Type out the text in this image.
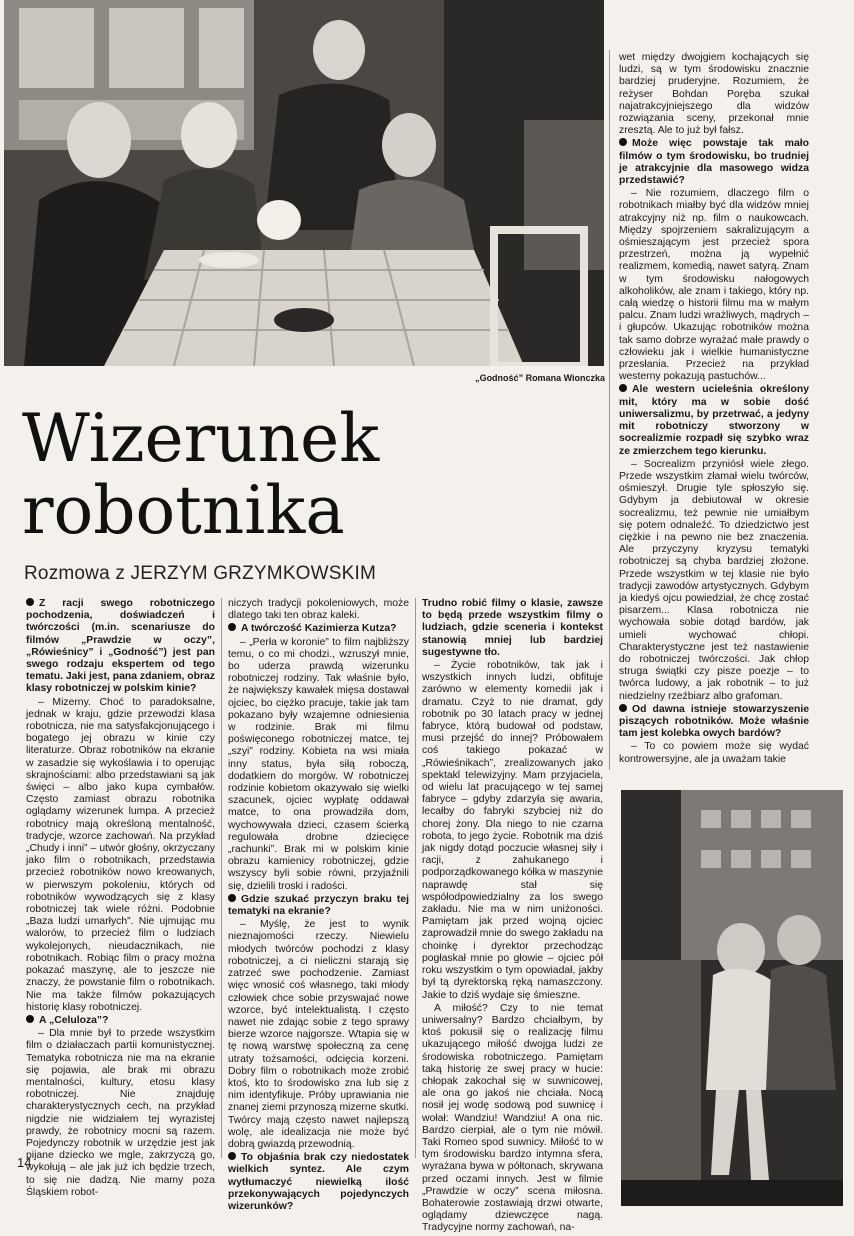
„Godność” Romana Wionczka
Wizerunek
robotnika
Rozmowa z JERZYM GRZYMKOWSKIM

Z racji swego robotniczego pochodzenia, doświadczeń i twórczości (m.in. scenariusze do filmów „Prawdzie w oczy”, „Rówieśnicy” i „Godność”) jest pan swego rodzaju ekspertem od tego tematu. Jaki jest, pana zdaniem, obraz klasy robotniczej w polskim kinie?

– Mizerny. Choć to paradoksalne, jednak w kraju, gdzie przewodzi klasa robotnicza, nie ma satysfakcjonującego i bogatego jej obrazu w kinie czy literaturze. Obraz robotników na ekranie w zasadzie się wykoślawia i to operując skrajnościami: albo przedstawiani są jak święci – albo jako kupa cymbałów. Często zamiast obrazu robotnika oglądamy wizerunek lumpa. A przecież robotnicy mają określoną mentalność, tradycje, wzorce zachowań. Na przykład „Chudy i inni” – utwór głośny, okrzyczany jako film o robotnikach, przedstawia przecież robotników nowo kreowanych, w pierwszym pokoleniu, których od robotników wywodzących się z klasy robotniczej tak wiele różni. Podobnie „Baza ludzi umarłych”. Nie ujmując mu walorów, to przecież film o ludziach wykolejonych, nieudacznikach, nie robotnikach. Robiąc film o pracy można pokazać maszynę, ale to jeszcze nie znaczy, że powstanie film o robotnikach. Nie ma także filmów pokazujących historię klasy robotniczej.

A „Celuloza”?

– Dla mnie był to przede wszystkim film o działaczach partii komunistycznej. Tematyka robotnicza nie ma na ekranie się pojawia, ale brak mi obrazu mentalności, kultury, etosu klasy robotniczej. Nie znajduję charakterystycznych cech, na przykład nigdzie nie widziałem tej wyrazistej prawdy, że robotnicy mocni są razem. Pojedynczy robotnik w urzędzie jest jak pijane dziecko we mgle, zakrzyczą go, wykołują – ale jak już ich będzie trzech, to się nie dadzą. Nie mamy poza Śląskiem robot-

niczych tradycji pokoleniowych, może dlatego taki ten obraz kaleki.

A twórczość Kazimierza Kutza?

– „Perła w koronie” to film najbliższy temu, o co mi chodzi., wzruszył mnie, bo uderza prawdą wizerunku robotniczej rodziny. Tak właśnie było, że największy kawałek mięsa dostawał ojciec, bo ciężko pracuje, takie jak tam pokazano były wzajemne odniesienia w rodzinie. Brak mi filmu poświęconego robotniczej matce, tej „szyi” rodziny. Kobieta na wsi miała inny status, była siłą roboczą, dodatkiem do morgów. W robotniczej rodzinie kobietom okazywało się wielki szacunek, ojciec wypłatę oddawał matce, to ona prowadziła dom, wychowywała dzieci, czasem ścierką regulowała drobne dziecięce „rachunki”. Brak mi w polskim kinie obrazu kamienicy robotniczej, gdzie wszyscy byli sobie równi, przyjaźnili się, dzielili troski i radości.

Gdzie szukać przyczyn braku tej tematyki na ekranie?

– Myślę, że jest to wynik nieznajomości rzeczy. Niewielu młodych twórców pochodzi z klasy robotniczej, a ci nieliczni starają się zatrzeć swe pochodzenie. Zamiast więc wnosić coś własnego, taki młody człowiek chce sobie przyswajać nowe wzorce, być intelektualistą. I często nawet nie zdając sobie z tego sprawy bierze wzorce najgorsze. Wtapia się w tę nową warstwę społeczną za cenę utraty tożsamości, odcięcia korzeni. Dobry film o robotnikach może zrobić ktoś, kto to środowisko zna lub się z nim identyfikuje. Próby uprawiania nie znanej ziemi przynoszą mizerne skutki. Twórcy mają często nawet najlepszą wolę, ale idealizacja nie może być dobrą gwiazdą przewodnią.

To objaśnia brak czy niedostatek wielkich syntez. Ale czym wytłumaczyć niewielką ilość przekonywających pojedynczych wizerunków?

Trudno robić filmy o klasie, zawsze to będą przede wszystkim filmy o ludziach, gdzie sceneria i kontekst stanowią mniej lub bardziej sugestywne tło.

– Życie robotników, tak jak i wszystkich innych ludzi, obfituje zarówno w elementy komedii jak i dramatu. Czyż to nie dramat, gdy robotnik po 30 latach pracy w jednej fabryce, którą budował od podstaw, musi przejść do innej? Próbowałem coś takiego pokazać w „Rówieśnikach”, zrealizowanych jako spektakl telewizyjny. Mam przyjaciela, od wielu lat pracującego w tej samej fabryce – gdyby zdarzyła się awaria, lecałby do fabryki szybciej niż do chorej żony. Dla niego to nie czarna robota, to jego życie. Robotnik ma dziś jak nigdy dotąd poczucie własnej siły i racji, z zahukanego i podporządkowanego kółka w maszynie naprawdę stał się współodpowiedzialny za los swego zakładu. Nie ma w nim uniżoności. Pamiętam jak przed wojną ojciec zaprowadził mnie do swego zakładu na choinkę i dyrektor przechodząc pogłaskał mnie po głowie – ojciec pół roku wszystkim o tym opowiadał, jakby był tą dyrektorską ręką namaszczony. Jakie to dziś wydaje się śmieszne.

A miłość? Czy to nie temat uniwersalny? Bardzo chciałbym, by ktoś pokusił się o realizację filmu ukazującego miłość dwojga ludzi ze środowiska robotniczego. Pamiętam taką historię ze swej pracy w hucie: chłopak zakochał się w suwnicowej, ale ona go jakoś nie chciała. Nocą nosił jej wodę sodową pod suwnicę i wołał: Wandziu! Wandziu! A ona nic. Bardzo cierpiał, ale o tym nie mówił. Taki Romeo spod suwnicy. Miłość to w tym środowisku bardzo intymna sfera, wyrażana bywa w półtonach, skrywana przed oczami innych. Jest w filmie „Prawdzie w oczy” scena miłosna. Bohaterowie zostawiają drzwi otwarte, oglądamy dziewczęce nagą. Tradycyjne normy zachowań, na-

wet między dwojgiem kochających się ludzi, są w tym środowisku znacznie bardziej pruderyjne. Rozumiem, że reżyser Bohdan Poręba szukał najatrakcyjniejszego dla widzów rozwiązania sceny, przekonał mnie zresztą. Ale to już był fałsz.

Może więc powstaje tak mało filmów o tym środowisku, bo trudniej je atrakcyjnie dla masowego widza przedstawić?

– Nie rozumiem, dlaczego film o robotnikach miałby być dla widzów mniej atrakcyjny niż np. film o naukowcach. Między spojrzeniem sakralizującym a ośmieszającym jest przecież spora przestrzeń, można ją wypełnić realizmem, komedią, nawet satyrą. Znam w tym środowisku nałogowych alkoholików, ale znam i takiego, który np. całą wiedzę o historii filmu ma w małym palcu. Znam ludzi wrażliwych, mądrych – i głupców. Ukazując robotników można tak samo dobrze wyrażać małe prawdy o człowieku jak i wielkie humanistyczne przesłania. Przecież na przykład westerny pokazują pastuchów...

Ale western ucieleśnia określony mit, który ma w sobie dość uniwersalizmu, by przetrwać, a jedyny mit robotniczy stworzony w socrealizmie rozpadł się szybko wraz ze zmierzchem tego kierunku.

– Socrealizm przyniósł wiele złego. Przede wszystkim złamał wielu twórców, ośmieszył. Drugie tyle spłoszyło się. Gdybym ja debiutował w okresie socrealizmu, też pewnie nie umiałbym się potem odnaleźć. To dziedzictwo jest ciężkie i na pewno nie bez znaczenia. Ale przyczyny kryzysu tematyki robotniczej są chyba bardziej złożone. Przede wszystkim w tej klasie nie było tradycji zawodów artystycznych. Gdybym ja kiedyś ojcu powiedział, że chcę zostać pisarzem... Klasa robotnicza nie wychowała sobie dotąd bardów, jak umieli wychować chłopi. Charakterystyczne jest też nastawienie do robotniczej twórczości. Jak chłop struga świątki czy pisze poezje – to twórca ludowy, a jak robotnik – to już niedzielny rzeźbiarz albo grafoman.

Od dawna istnieje stowarzyszenie piszących robotników. Może właśnie tam jest kolebka owych bardów?

– To co powiem może się wydać kontrowersyjne, ale ja uważam takie

14
